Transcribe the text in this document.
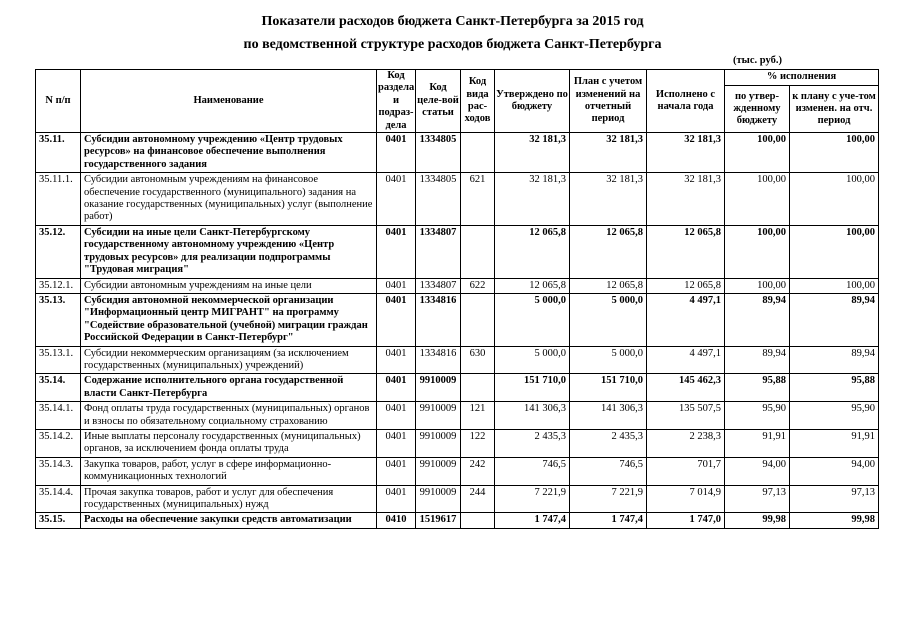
Показатели расходов бюджета Санкт-Петербурга за 2015 год
по ведомственной структуре расходов бюджета Санкт-Петербурга
(тыс. руб.)
N п/п	Наименование	Код раздела и подраз-дела	Код целе-вой статьи	Код вида рас-ходов	Утверждено по бюджету	План с учетом изменений на отчетный период	Исполнено с начала года	% исполнения	
								по утвер-жденному бюджету	к плану с уче-том изменен. на отч. период
35.11.	Субсидии автономному учреждению «Центр трудовых ресурсов» на финансовое обеспечение выполнения государственного задания	0401	1334805		32 181,3	32 181,3	32 181,3	100,00	100,00
35.11.1.	Субсидии автономным учреждениям на финансовое обеспечение государственного (муниципального) задания на оказание государственных (муниципальных) услуг (выполнение работ)	0401	1334805	621	32 181,3	32 181,3	32 181,3	100,00	100,00
35.12.	Субсидии на иные цели Санкт-Петербургскому государственному автономному учреждению «Центр трудовых ресурсов» для реализации подпрограммы "Трудовая миграция"	0401	1334807		12 065,8	12 065,8	12 065,8	100,00	100,00
35.12.1.	Субсидии автономным учреждениям на иные цели	0401	1334807	622	12 065,8	12 065,8	12 065,8	100,00	100,00
35.13.	Субсидия автономной некоммерческой организации "Информационный центр МИГРАНТ" на программу "Содействие образовательной (учебной) миграции граждан Российской Федерации в Санкт-Петербург"	0401	1334816		5 000,0	5 000,0	4 497,1	89,94	89,94
35.13.1.	Субсидии некоммерческим организациям (за исключением государственных (муниципальных) учреждений)	0401	1334816	630	5 000,0	5 000,0	4 497,1	89,94	89,94
35.14.	Содержание исполнительного органа государственной власти Санкт-Петербурга	0401	9910009		151 710,0	151 710,0	145 462,3	95,88	95,88
35.14.1.	Фонд оплаты труда государственных (муниципальных) органов и взносы по обязательному социальному страхованию	0401	9910009	121	141 306,3	141 306,3	135 507,5	95,90	95,90
35.14.2.	Иные выплаты персоналу государственных (муниципальных) органов, за исключением фонда оплаты труда	0401	9910009	122	2 435,3	2 435,3	2 238,3	91,91	91,91
35.14.3.	Закупка товаров, работ, услуг в сфере информационно-коммуникационных технологий	0401	9910009	242	746,5	746,5	701,7	94,00	94,00
35.14.4.	Прочая закупка товаров, работ и услуг для обеспечения государственных (муниципальных) нужд	0401	9910009	244	7 221,9	7 221,9	7 014,9	97,13	97,13
35.15.	Расходы на обеспечение закупки средств автоматизации	0410	1519617		1 747,4	1 747,4	1 747,0	99,98	99,98
